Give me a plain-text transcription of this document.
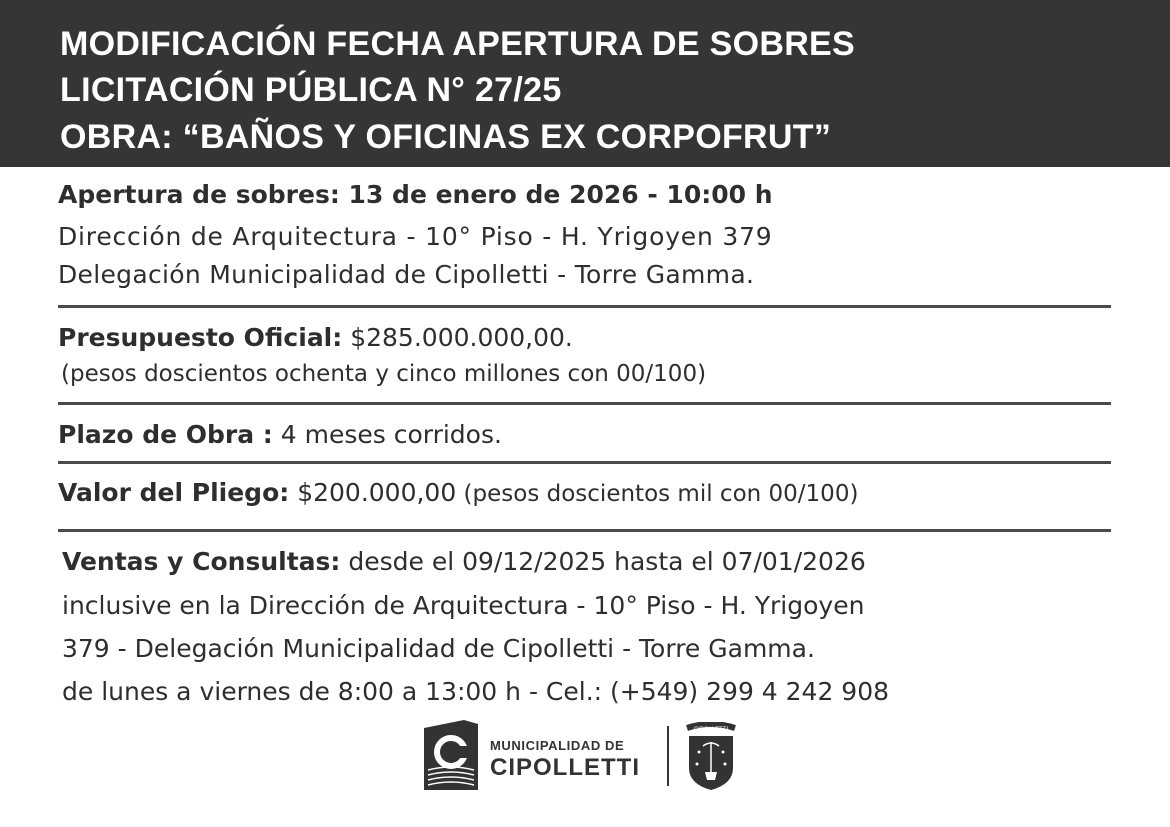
MODIFICACIÓN FECHA APERTURA DE SOBRES
LICITACIÓN PÚBLICA N° 27/25
OBRA: “BAÑOS Y OFICINAS EX CORPOFRUT”
Apertura de sobres: 13 de enero de 2026 - 10:00 h
Dirección de Arquitectura - 10° Piso - H. Yrigoyen 379
Delegación Municipalidad de Cipolletti - Torre Gamma.
Presupuesto Oficial: $285.000.000,00.
(pesos doscientos ochenta y cinco millones con 00/100)
Plazo de Obra : 4 meses corridos.
Valor del Pliego: $200.000,00 (pesos doscientos mil con 00/100)
Ventas y Consultas: desde el 09/12/2025 hasta el 07/01/2026
inclusive en la Dirección de Arquitectura - 10° Piso - H. Yrigoyen
379 - Delegación Municipalidad de Cipolletti - Torre Gamma.
de lunes a viernes de 8:00 a 13:00 h - Cel.: (+549) 299 4 242 908
MUNICIPALIDAD DE
CIPOLLETTI
CIPOLLETTI
